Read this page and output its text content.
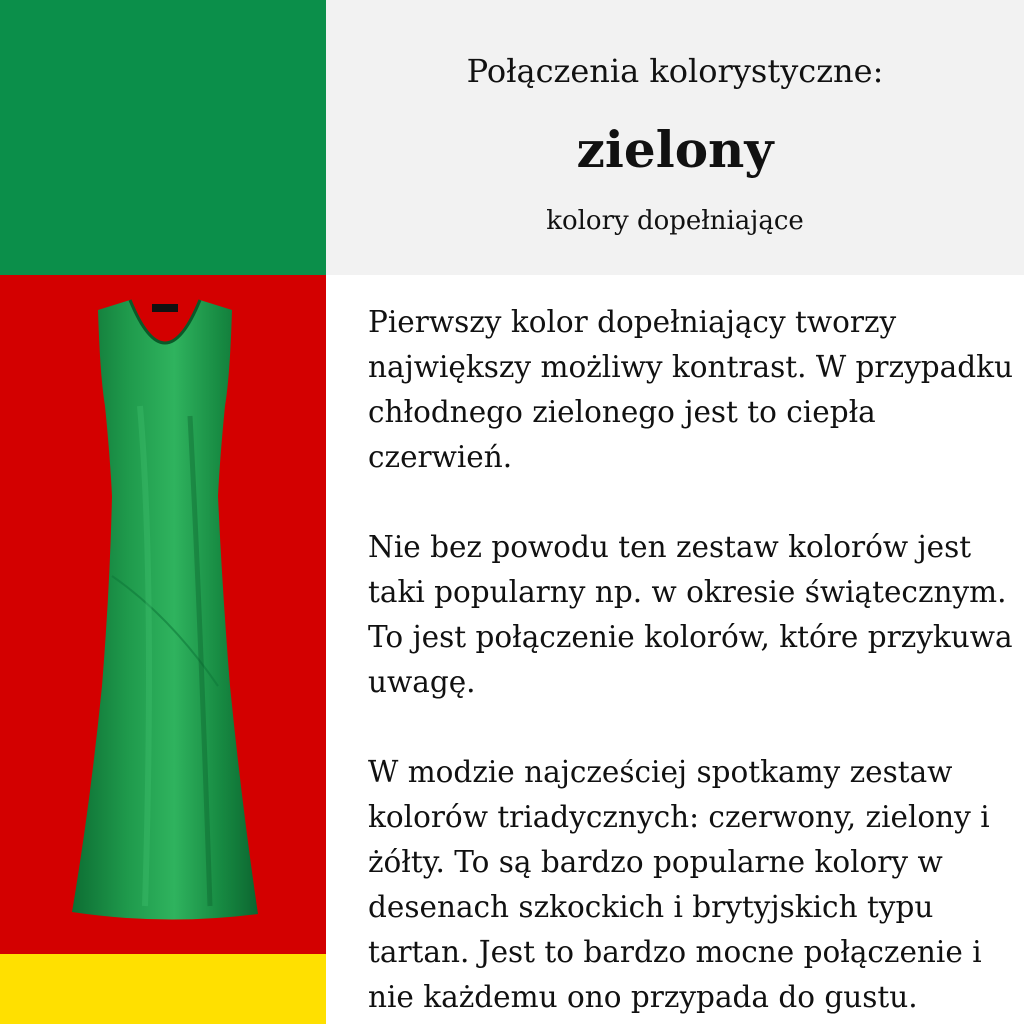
Połączenia kolorystyczne:
zielony

kolory dopełniające

Pierwszy kolor dopełniający tworzy największy możliwy kontrast. W przypadku chłodnego zielonego jest to ciepła czerwień.

Nie bez powodu ten zestaw kolorów jest taki popularny np. w okresie świątecznym. To jest połączenie kolorów, które przykuwa uwagę.

W modzie najcześciej spotkamy zestaw kolorów triadycznych: czerwony, zielony i żółty. To są bardzo popularne kolory w desenach szkockich i brytyjskich typu tartan. Jest to bardzo mocne połączenie i nie każdemu ono przypada do gustu.
